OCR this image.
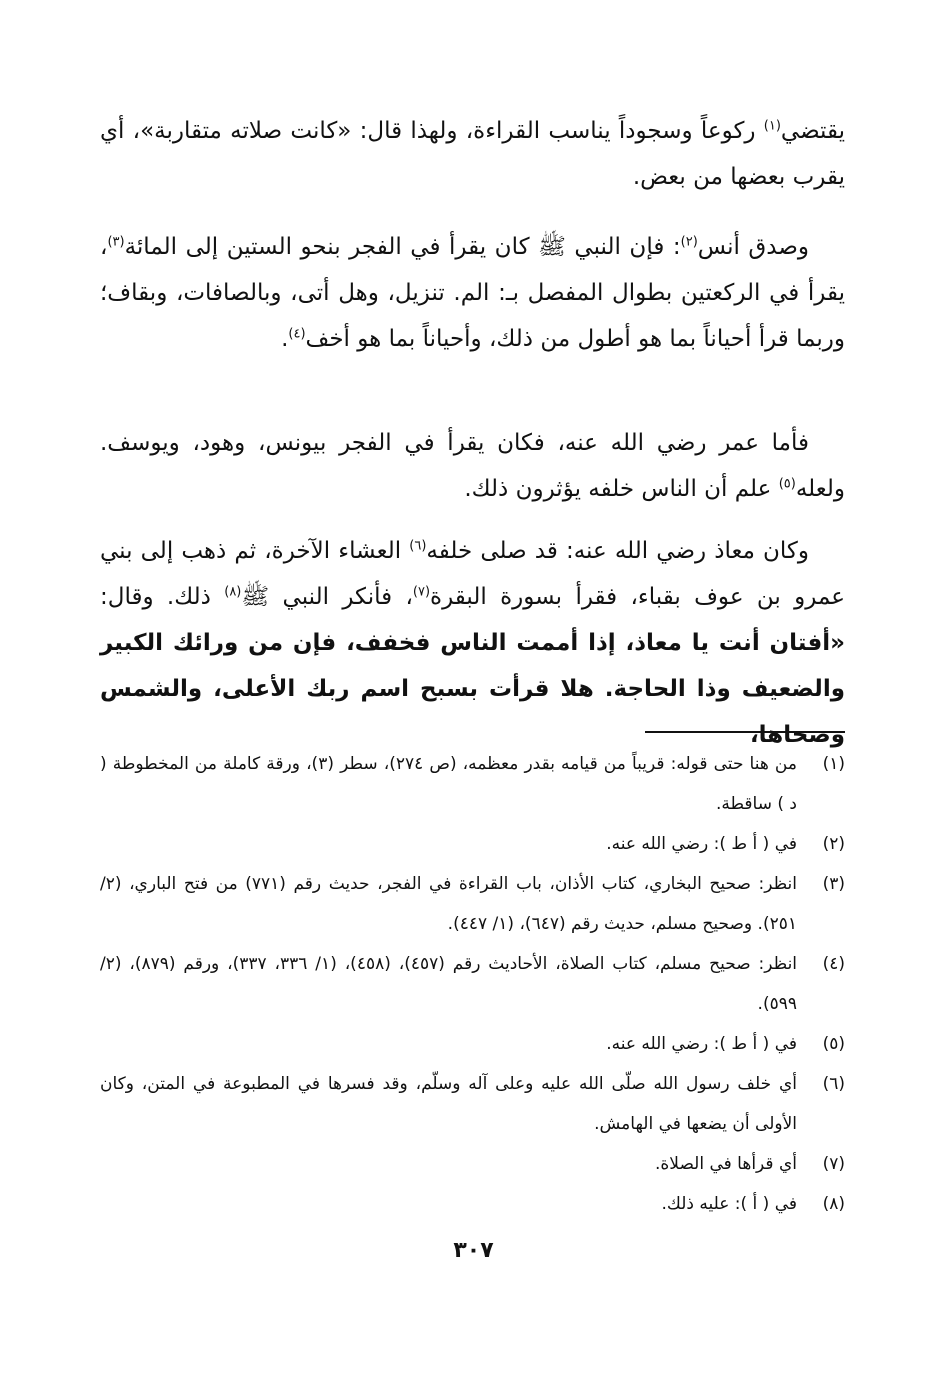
يقتضي$^{(١)}$ ركوعاً وسجوداً يناسب القراءة، ولهذا قال: «كانت صلاته متقاربة»، أي يقرب بعضها من بعض.

وصدق أنس$^{(٢)}$: فإن النبي ﷺ كان يقرأ في الفجر بنحو الستين إلى المائة$^{(٣)}$، يقرأ في الركعتين بطوال المفصل بـ: الم. تنزيل، وهل أتى، وبالصافات، وبقاف؛ وربما قرأ أحياناً بما هو أطول من ذلك، وأحياناً بما هو أخف$^{(٤)}$.

فأما عمر رضي الله عنه، فكان يقرأ في الفجر بيونس، وهود، ويوسف. ولعله$^{(٥)}$ علم أن الناس خلفه يؤثرون ذلك.

وكان معاذ رضي الله عنه: قد صلى خلفه$^{(٦)}$ العشاء الآخرة، ثم ذهب إلى بني عمرو بن عوف بقباء، فقرأ بسورة البقرة$^{(٧)}$، فأنكر النبي ﷺ$^{(٨)}$ ذلك. وقال: «أفتان أنت يا معاذ، إذا أممت الناس فخفف، فإن من ورائك الكبير والضعيف وذا الحاجة. هلا قرأت بسبح اسم ربك الأعلى، والشمس وضحاها،

(١)
من هنا حتى قوله: قريباً من قيامه بقدر معظمه، (ص ٢٧٤)، سطر (٣)، ورقة كاملة من المخطوطة ( د ) ساقطة.
(٢)
في ( أ ط ): رضي الله عنه.
(٣)
انظر: صحيح البخاري، كتاب الأذان، باب القراءة في الفجر، حديث رقم (٧٧١) من فتح الباري، (٢/ ٢٥١). وصحيح مسلم، حديث رقم (٦٤٧)، (١/ ٤٤٧).
(٤)
انظر: صحيح مسلم، كتاب الصلاة، الأحاديث رقم (٤٥٧)، (٤٥٨)، (١/ ٣٣٦، ٣٣٧)، ورقم (٨٧٩)، (٢/ ٥٩٩).
(٥)
في ( أ ط ): رضي الله عنه.
(٦)
أي خلف رسول الله صلّى الله عليه وعلى آله وسلّم، وقد فسرها في المطبوعة في المتن، وكان الأولى أن يضعها في الهامش.
(٧)
أي قرأها في الصلاة.
(٨)
في ( أ ): عليه ذلك.
٣٠٧
